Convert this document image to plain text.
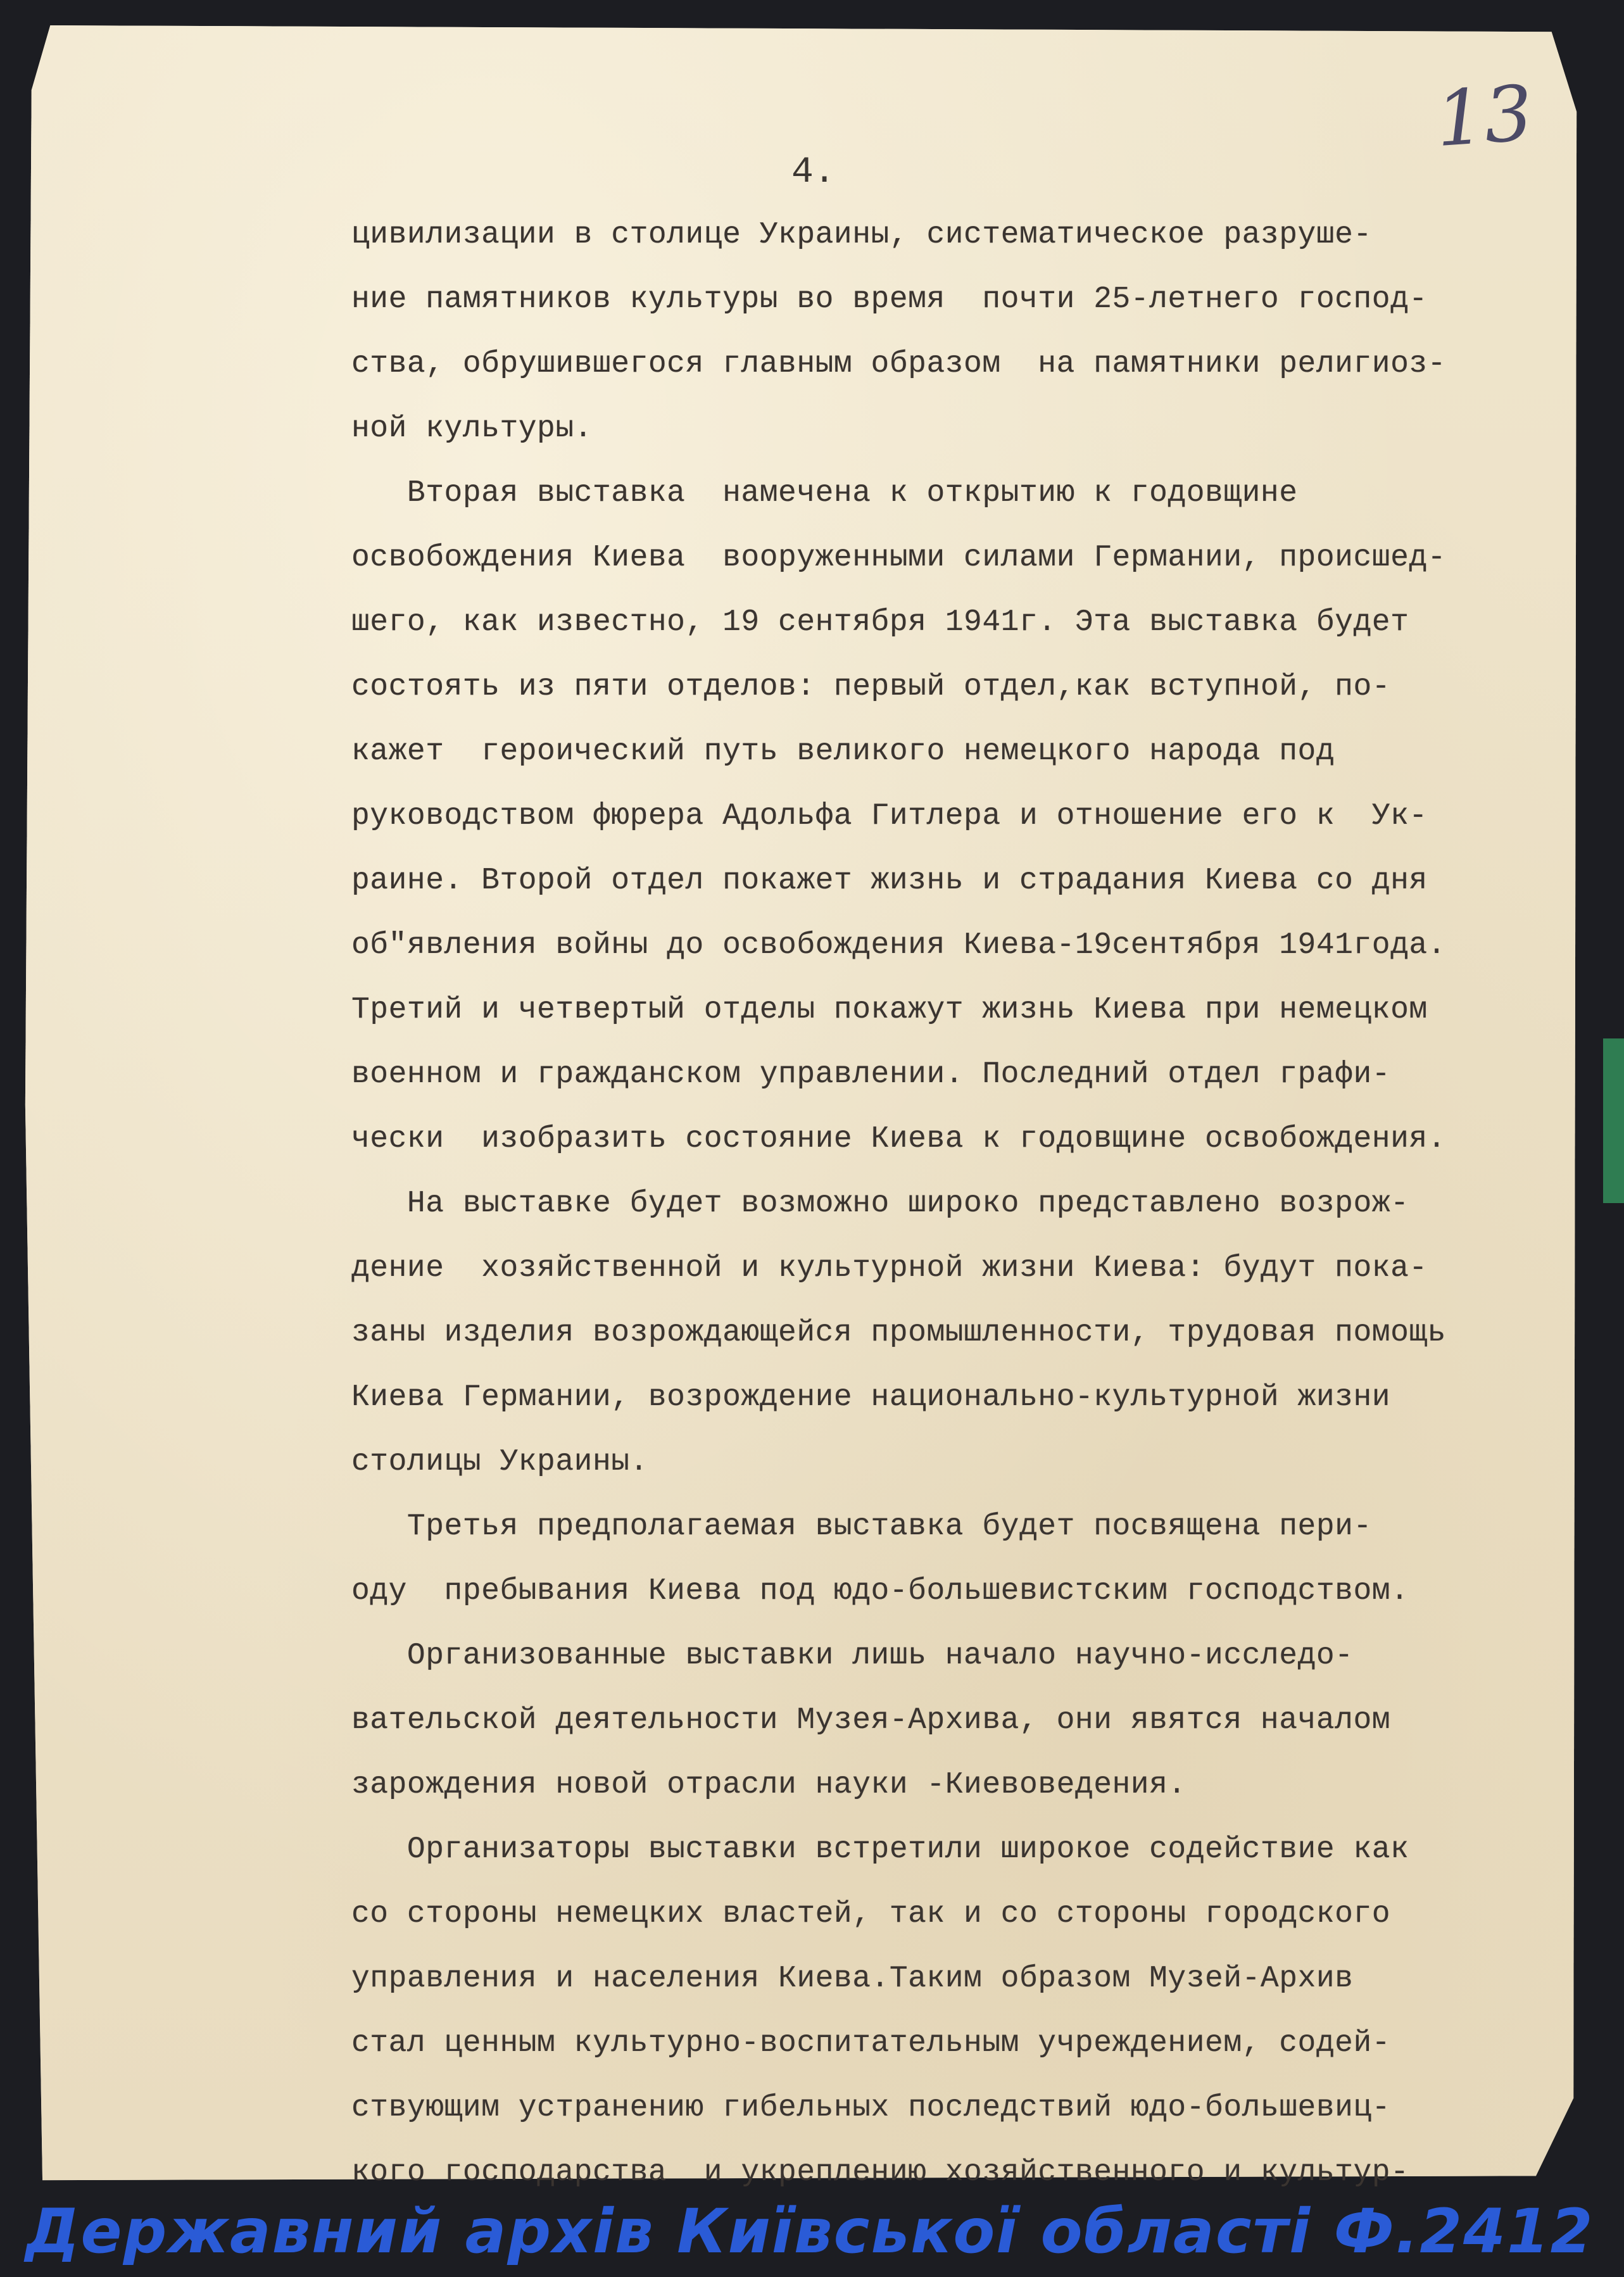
13
4.
цивилизации в столице Украины, систематическое разруше-
ние памятников культуры во время  почти 25-летнего господ-
ства, обрушившегося главным образом  на памятники религиоз-
ной культуры.
Вторая выставка  намечена к открытию к годовщине
освобождения Киева  вооруженными силами Германии, происшед-
шего, как известно, 19 сентября 1941г. Эта выставка будет
состоять из пяти отделов: первый отдел,как вступной, по-
кажет  героический путь великого немецкого народа под
руководством фюрера Адольфа Гитлера и отношение его к  Ук-
раине. Второй отдел покажет жизнь и страдания Киева со дня
об"явления войны до освобождения Киева-19сентября 1941года.
Третий и четвертый отделы покажут жизнь Киева при немецком
военном и гражданском управлении. Последний отдел графи-
чески  изобразить состояние Киева к годовщине освобождения.
На выставке будет возможно широко представлено возрож-
дение  хозяйственной и культурной жизни Киева: будут пока-
заны изделия возрождающейся промышленности, трудовая помощь
Киева Германии, возрождение национально-культурной жизни
столицы Украины.
Третья предполагаемая выставка будет посвящена пери-
оду  пребывания Киева под юдо-большевистским господством.
Организованные выставки лишь начало научно-исследо-
вательской деятельности Музея-Архива, они явятся началом
зарождения новой отрасли науки -Киевоведения.
Организаторы выставки встретили широкое содействие как
со стороны немецких властей, так и со стороны городского
управления и населения Киева.Таким образом Музей-Архив
стал ценным культурно-воспитательным учреждением, содей-
ствующим устранению гибельных последствий юдо-большевиц-
кого господарства  и укреплению хозяйственного и культур-
Державний архів Київської області Ф.2412
